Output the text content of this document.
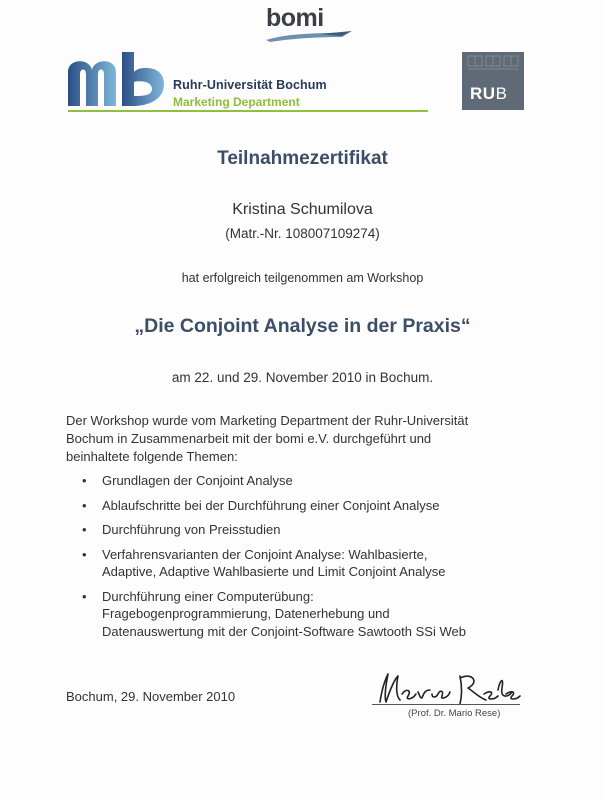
bomi
Ruhr-Universität Bochum
Marketing Department	RUB
Teilnahmezertifikat
Kristina Schumilova
(Matr.-Nr. 108007109274)
hat erfolgreich teilgenommen am Workshop
„Die Conjoint Analyse in der Praxis“
am 22. und 29. November 2010 in Bochum.
Der Workshop wurde vom Marketing Department der Ruhr-Universität
Bochum in Zusammenarbeit mit der bomi e.V. durchgeführt und
beinhaltete folgende Themen:
• Grundlagen der Conjoint Analyse
• Ablaufschritte bei der Durchführung einer Conjoint Analyse
• Durchführung von Preisstudien
• Verfahrensvarianten der Conjoint Analyse: Wahlbasierte,
Adaptive, Adaptive Wahlbasierte und Limit Conjoint Analyse
• Durchführung einer Computerübung:
Fragebogenprogrammierung, Datenerhebung und
Datenauswertung mit der Conjoint-Software Sawtooth SSi Web
Bochum, 29. November 2010
(Prof. Dr. Mario Rese)
